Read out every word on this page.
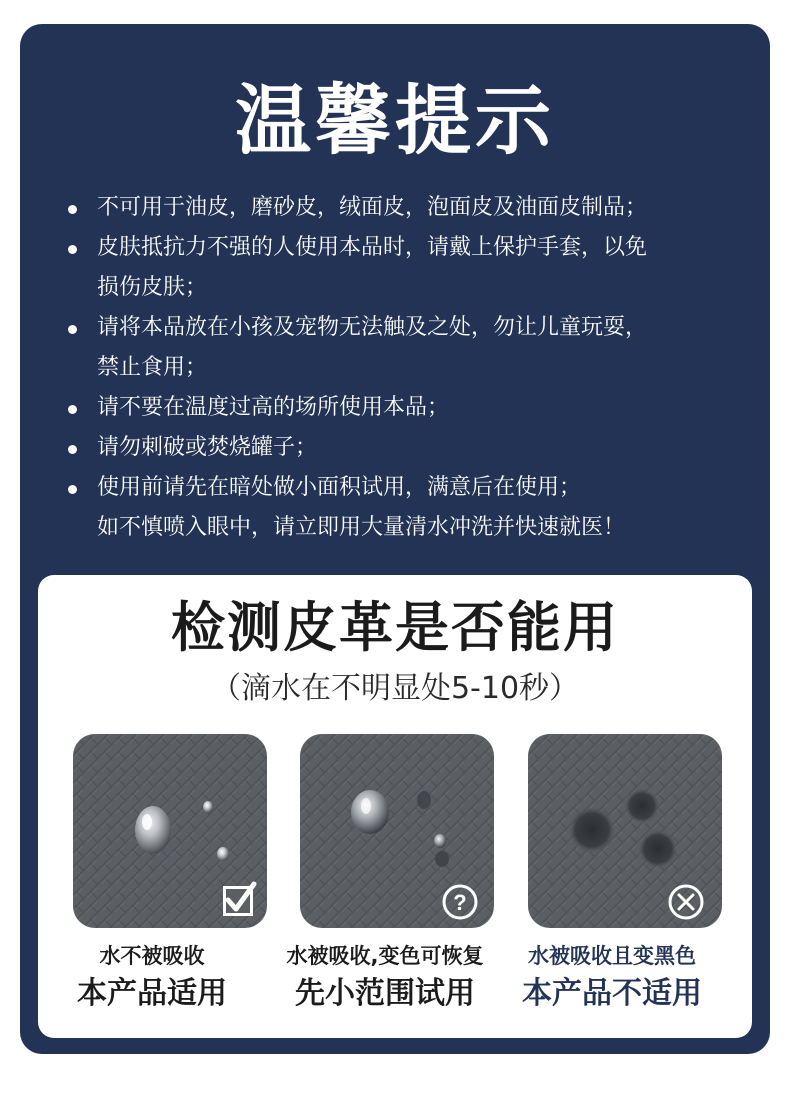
温馨提示
不可用于油皮，磨砂皮，绒面皮，泡面皮及油面皮制品；
皮肤抵抗力不强的人使用本品时，请戴上保护手套，以免
损伤皮肤；
请将本品放在小孩及宠物无法触及之处，勿让儿童玩耍，
禁止食用；
请不要在温度过高的场所使用本品；
请勿刺破或焚烧罐子；
使用前请先在暗处做小面积试用，满意后在使用；
如不慎喷入眼中，请立即用大量清水冲洗并快速就医！
检测皮革是否能用
（滴水在不明显处5-10秒）
水不被吸收
本产品适用
?
水被吸收,变色可恢复
先小范围试用
水被吸收且变黑色
本产品不适用
